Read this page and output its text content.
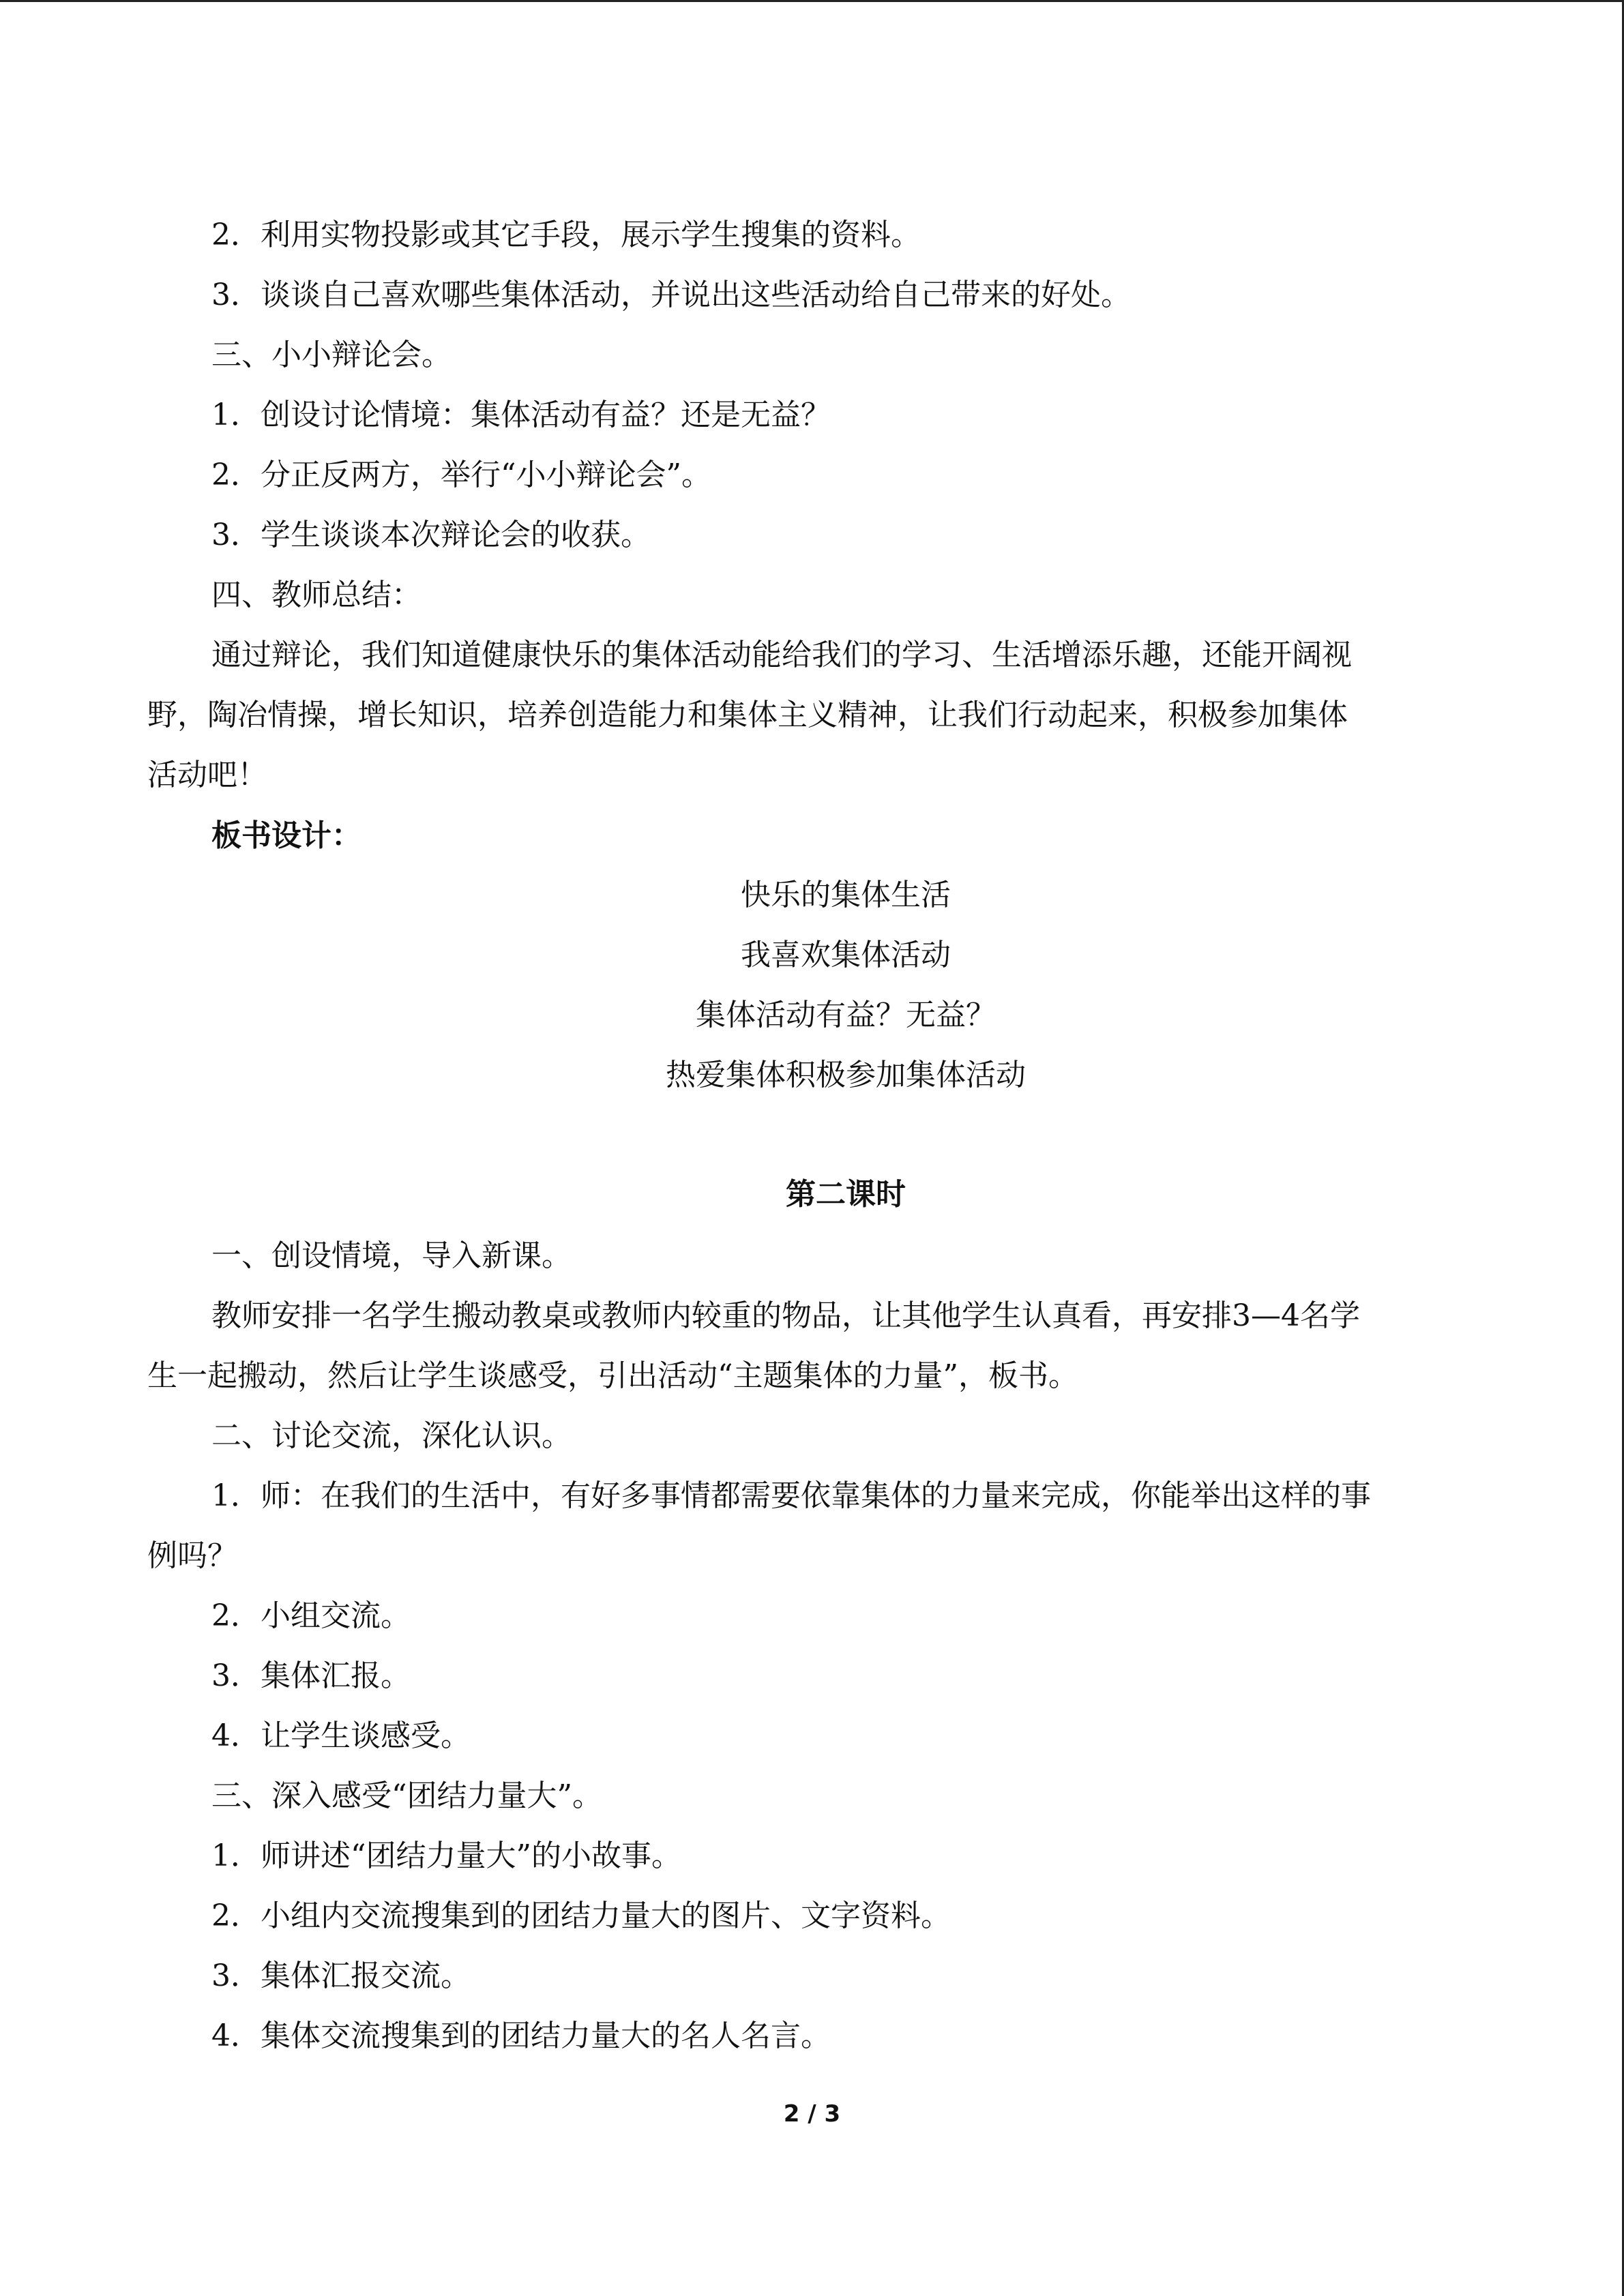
2．利用实物投影或其它手段，展示学生搜集的资料。
3．谈谈自己喜欢哪些集体活动，并说出这些活动给自己带来的好处。
三、小小辩论会。
1．创设讨论情境：集体活动有益？还是无益？
2．分正反两方，举行“小小辩论会”。
3．学生谈谈本次辩论会的收获。
四、教师总结：
通过辩论，我们知道健康快乐的集体活动能给我们的学习、生活增添乐趣，还能开阔视
野，陶冶情操，增长知识，培养创造能力和集体主义精神，让我们行动起来，积极参加集体
活动吧！
板书设计：
快乐的集体生活
我喜欢集体活动
集体活动有益？无益？
热爱集体积极参加集体活动
第二课时
一、创设情境，导入新课。
教师安排一名学生搬动教桌或教师内较重的物品，让其他学生认真看，再安排3—4名学
生一起搬动，然后让学生谈感受，引出活动“主题集体的力量”，板书。
二、讨论交流，深化认识。
1．师：在我们的生活中，有好多事情都需要依靠集体的力量来完成，你能举出这样的事
例吗？
2．小组交流。
3．集体汇报。
4．让学生谈感受。
三、深入感受“团结力量大”。
1．师讲述“团结力量大”的小故事。
2．小组内交流搜集到的团结力量大的图片、文字资料。
3．集体汇报交流。
4．集体交流搜集到的团结力量大的名人名言。
2 / 3
